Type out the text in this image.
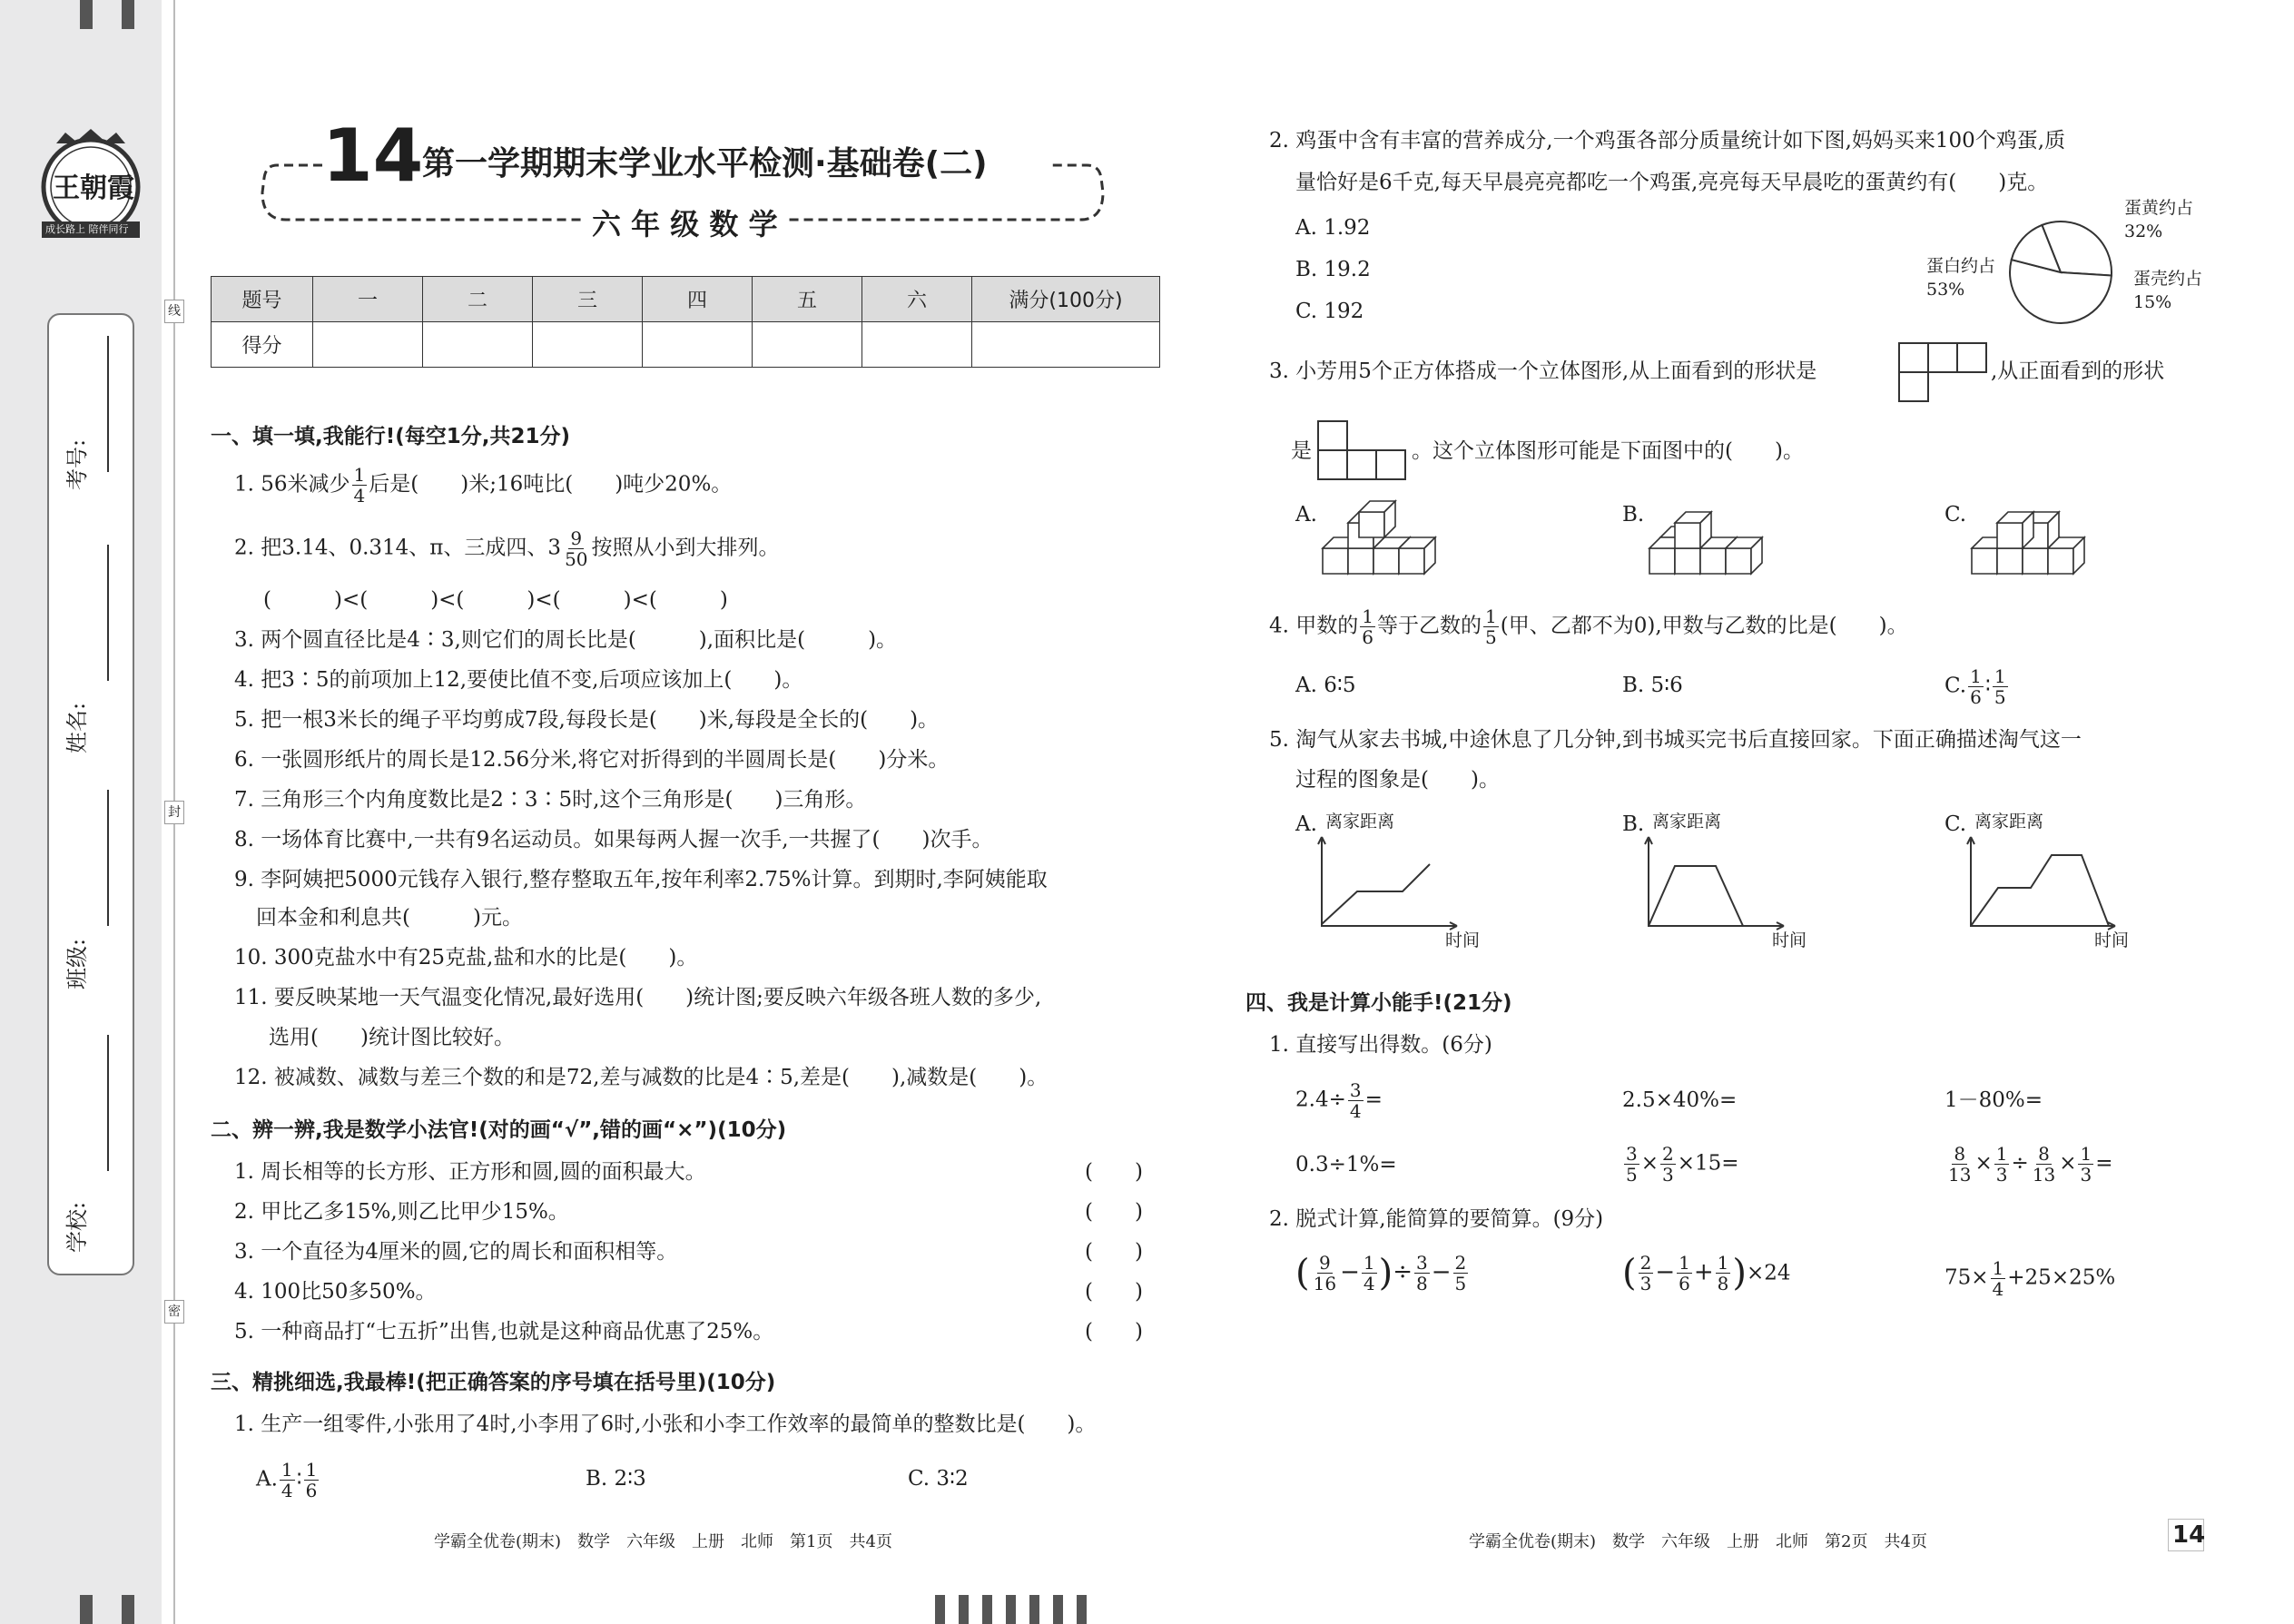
王朝霞
成长路上 陪伴同行
考号:
姓名:
班级:
学校:
线
封
密
14
第一学期期末学业水平检测·基础卷(二)
六 年 级 数 学
题号	一	二	三	四	五	六	满分(100分)
得分							
一、填一填,我能行!(每空1分,共21分)
1. 56米减少 $\frac{1}{4}$ 后是(　　)米;16吨比(　　)吨少20%。
2. 把3.14、0.314、π、三成四、$3 \frac{9}{50}$ 按照从小到大排列。
(　　　)<(　　　)<(　　　)<(　　　)<(　　　)
3. 两个圆直径比是4∶3,则它们的周长比是(　　　),面积比是(　　　)。
4. 把3∶5的前项加上12,要使比值不变,后项应该加上(　　)。
5. 把一根3米长的绳子平均剪成7段,每段长是(　　)米,每段是全长的(　　)。
6. 一张圆形纸片的周长是12.56分米,将它对折得到的半圆周长是(　　)分米。
7. 三角形三个内角度数比是2∶3∶5时,这个三角形是(　　)三角形。
8. 一场体育比赛中,一共有9名运动员。如果每两人握一次手,一共握了(　　)次手。
9. 李阿姨把5000元钱存入银行,整存整取五年,按年利率2.75%计算。到期时,李阿姨能取
回本金和利息共(　　　)元。
10. 300克盐水中有25克盐,盐和水的比是(　　)。
11. 要反映某地一天气温变化情况,最好选用(　　)统计图;要反映六年级各班人数的多少,
选用(　　)统计图比较好。
12. 被减数、减数与差三个数的和是72,差与减数的比是4∶5,差是(　　),减数是(　　)。
二、辨一辨,我是数学小法官!(对的画“√”,错的画“×”)(10分)
1. 周长相等的长方形、正方形和圆,圆的面积最大。	(　　)
2. 甲比乙多15%,则乙比甲少15%。	(　　)
3. 一个直径为4厘米的圆,它的周长和面积相等。	(　　)
4. 100比50多50%。	(　　)
5. 一种商品打“七五折”出售,也就是这种商品优惠了25%。	(　　)
三、精挑细选,我最棒!(把正确答案的序号填在括号里)(10分)
1. 生产一组零件,小张用了4时,小李用了6时,小张和小李工作效率的最简单的整数比是(　　)。
A. $\frac{1}{4}$ ∶ $\frac{1}{6}$	B. 2∶3	C. 3∶2
学霸全优卷(期末)　数学　六年级　上册　北师　第1页　共4页
2. 鸡蛋中含有丰富的营养成分,一个鸡蛋各部分质量统计如下图,妈妈买来100个鸡蛋,质
量恰好是6千克,每天早晨亮亮都吃一个鸡蛋,亮亮每天早晨吃的蛋黄约有(　　)克。
A. 1.92
B. 19.2
C. 192
蛋黄约占32%
蛋白约占53%
蛋壳约占15%
3. 小芳用5个正方体搭成一个立体图形,从上面看到的形状是	,从正面看到的形状
是	。这个立体图形可能是下面图中的(　　)。
A.	B.	C.
4. 甲数的 $\frac{1}{6}$ 等于乙数的 $\frac{1}{5}$ (甲、乙都不为0),甲数与乙数的比是(　　)。
A. 6∶5	B. 5∶6	C. $\frac{1}{6}$ ∶ $\frac{1}{5}$
5. 淘气从家去书城,中途休息了几分钟,到书城买完书后直接回家。下面正确描述淘气这一
过程的图象是(　　)。
A.	B.	C.
离家距离	离家距离	离家距离
时间	时间	时间
四、我是计算小能手!(21分)
1. 直接写出得数。(6分)
$2.4\div \frac{3}{4}$ =	2.5×40%=	1－80%=
0.3÷1%=	$\frac{3}{5} \times \frac{2}{3} \times 15=$	$\frac{8}{13} \times \frac{1}{3} \div \frac{8}{13} \times \frac{1}{3}$ =
2. 脱式计算,能简算的要简算。(9分)
( $\frac{9}{16} - \frac{1}{4}$ )÷ $\frac{3}{8} - \frac{2}{5}$	( $\frac{2}{3} - \frac{1}{6} + \frac{1}{8} )\times 24$	$75\times \frac{1}{4} +25\times 25\%$
学霸全优卷(期末)　数学　六年级　上册　北师　第2页　共4页	14
